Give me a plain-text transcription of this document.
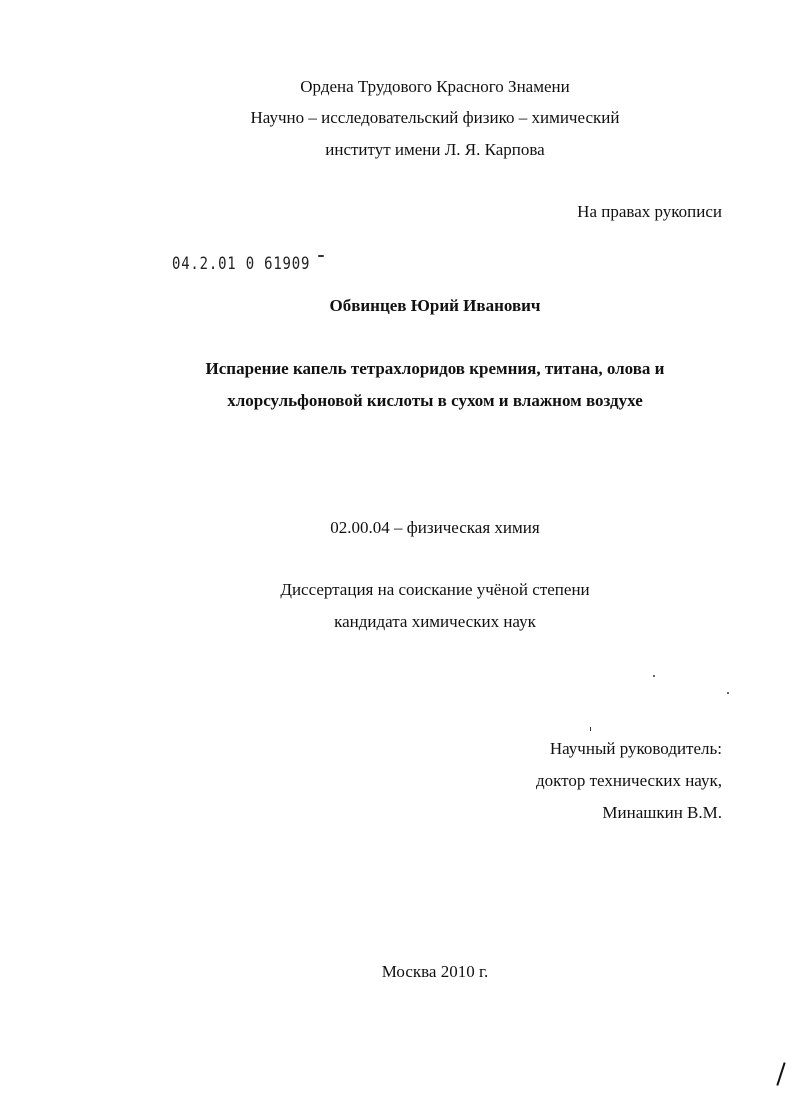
Ордена Трудового Красного Знамени
Научно – исследовательский физико – химический
институт имени Л. Я. Карпова
На правах рукописи
04.2.01 0 61909
Обвинцев Юрий Иванович
Испарение капель тетрахлоридов кремния, титана, олова и
хлорсульфоновой кислоты в сухом и влажном воздухе
02.00.04 – физическая химия
Диссертация на соискание учёной степени
кандидата химических наук
Научный руководитель:
доктор технических наук,
Минашкин В.М.
Москва 2010 г.
